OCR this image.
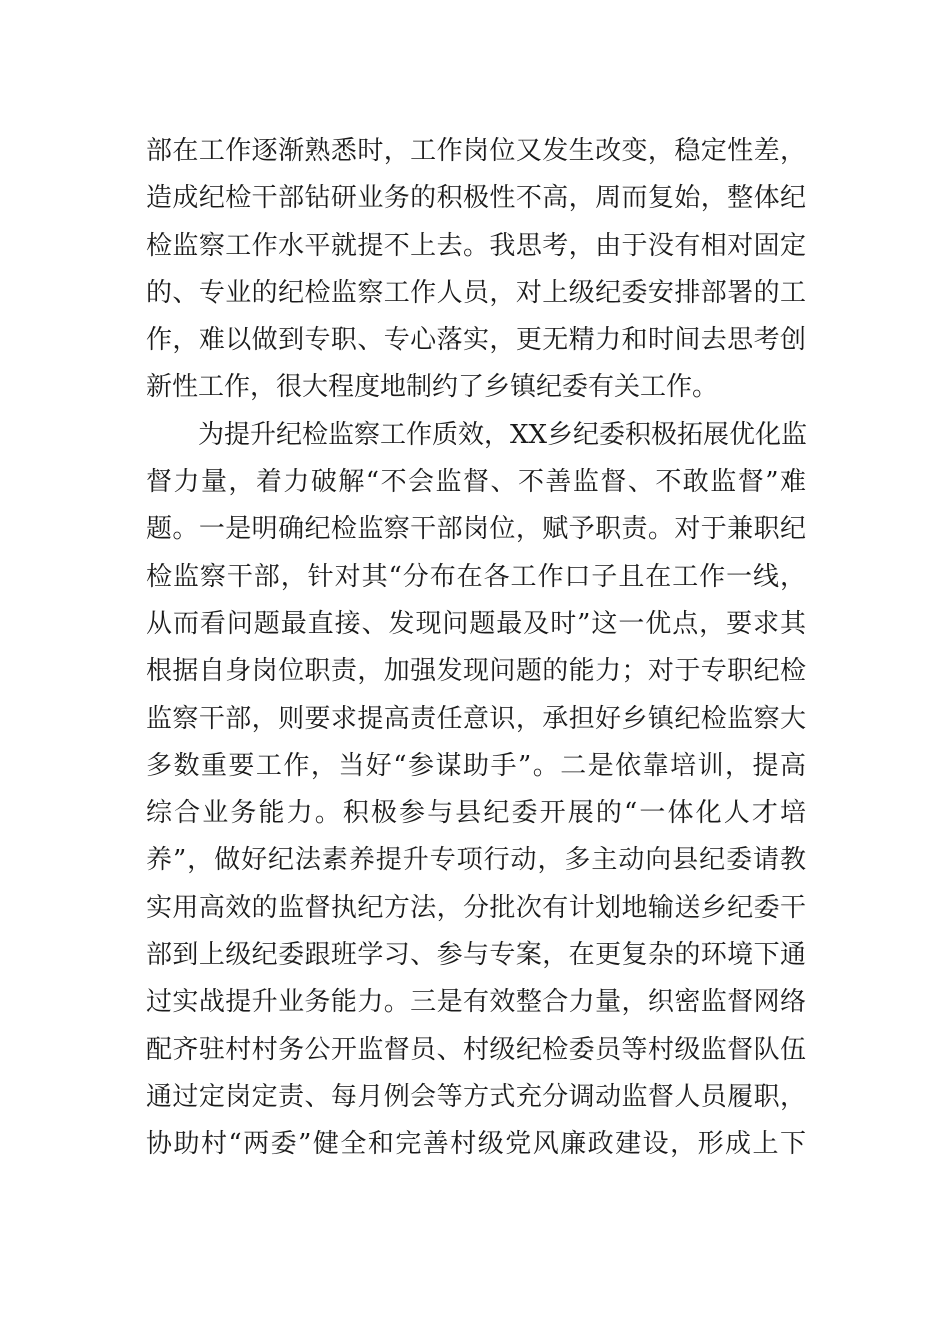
部在工作逐渐熟悉时，工作岗位又发生改变，稳定性差，
造成纪检干部钻研业务的积极性不高，周而复始，整体纪
检监察工作水平就提不上去。我思考，由于没有相对固定
的、专业的纪检监察工作人员，对上级纪委安排部署的工
作，难以做到专职、专心落实，更无精力和时间去思考创
新性工作，很大程度地制约了乡镇纪委有关工作。
为提升纪检监察工作质效，XX乡纪委积极拓展优化监
督力量，着力破解“不会监督、不善监督、不敢监督”难
题。一是明确纪检监察干部岗位，赋予职责。对于兼职纪
检监察干部，针对其“分布在各工作口子且在工作一线，
从而看问题最直接、发现问题最及时”这一优点，要求其
根据自身岗位职责，加强发现问题的能力；对于专职纪检
监察干部，则要求提高责任意识，承担好乡镇纪检监察大
多数重要工作，当好“参谋助手”。二是依靠培训，提高
综合业务能力。积极参与县纪委开展的“一体化人才培
养”，做好纪法素养提升专项行动，多主动向县纪委请教
实用高效的监督执纪方法，分批次有计划地输送乡纪委干
部到上级纪委跟班学习、参与专案，在更复杂的环境下通
过实战提升业务能力。三是有效整合力量，织密监督网络
配齐驻村村务公开监督员、村级纪检委员等村级监督队伍
通过定岗定责、每月例会等方式充分调动监督人员履职，
协助村“两委”健全和完善村级党风廉政建设，形成上下
